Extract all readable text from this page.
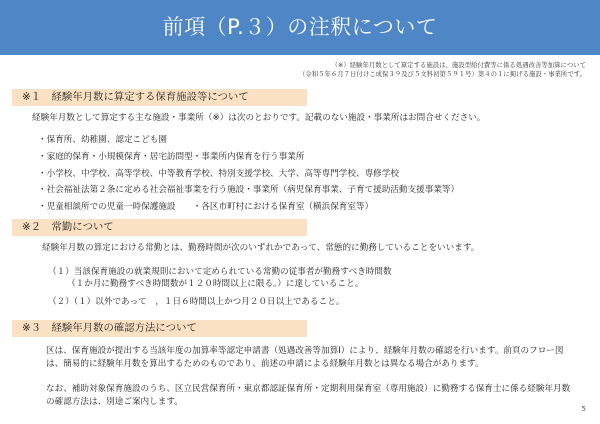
前項（P.３）の注釈について
（※）経験年月数として算定する施設は、施設型給付費等に係る処遇改善等加算について
（令和５年６月７日付けこ成保３９及び５文科初第５９１号）第４の１に掲げる施設・事業所です。
※１　経験年月数に算定する保育施設等について
経験年月数として算定する主な施設・事業所（※）は次のとおりです。記載のない施設・事業所はお問合せください。
・保育所、幼稚園、認定こども園
・家庭的保育・小規模保育・居宅訪問型・事業所内保育を行う事業所
・小学校、中学校、高等学校、中等教育学校、特別支援学校、大学、高等専門学校、専修学校
・社会福祉法第２条に定める社会福祉事業を行う施設・事業所（病児保育事業、子育て援助活動支援事業等）
・児童相談所での児童一時保護施設　　・各区市町村における保育室（横浜保育室等）
※２　常勤について
経験年月数の算定における常勤とは、勤務時間が次のいずれかであって、常態的に勤務していることをいいます。
（１）当該保育施設の就業規則において定められている常勤の従事者が勤務すべき時間数
（１か月に勤務すべき時間数が１２０時間以上に限る。）に達していること。
（２）（１）以外であって　，１日６時間以上かつ月２０日以上であること。
※３　経験年月数の確認方法について
区は、保育施設が提出する当該年度の加算率等認定申請書（処遇改善等加算Ⅰ）により、経験年月数の確認を行います。前頁のフロー図は、簡易的に経験年月数を算出するためのものであり、前述の申請による経験年月数とは異なる場合があります。
なお、補助対象保育施設のうち、区立民営保育所・東京都認証保育所・定期利用保育室（専用施設）に勤務する保育士に係る経験年月数の確認方法は、別途ご案内します。
5
